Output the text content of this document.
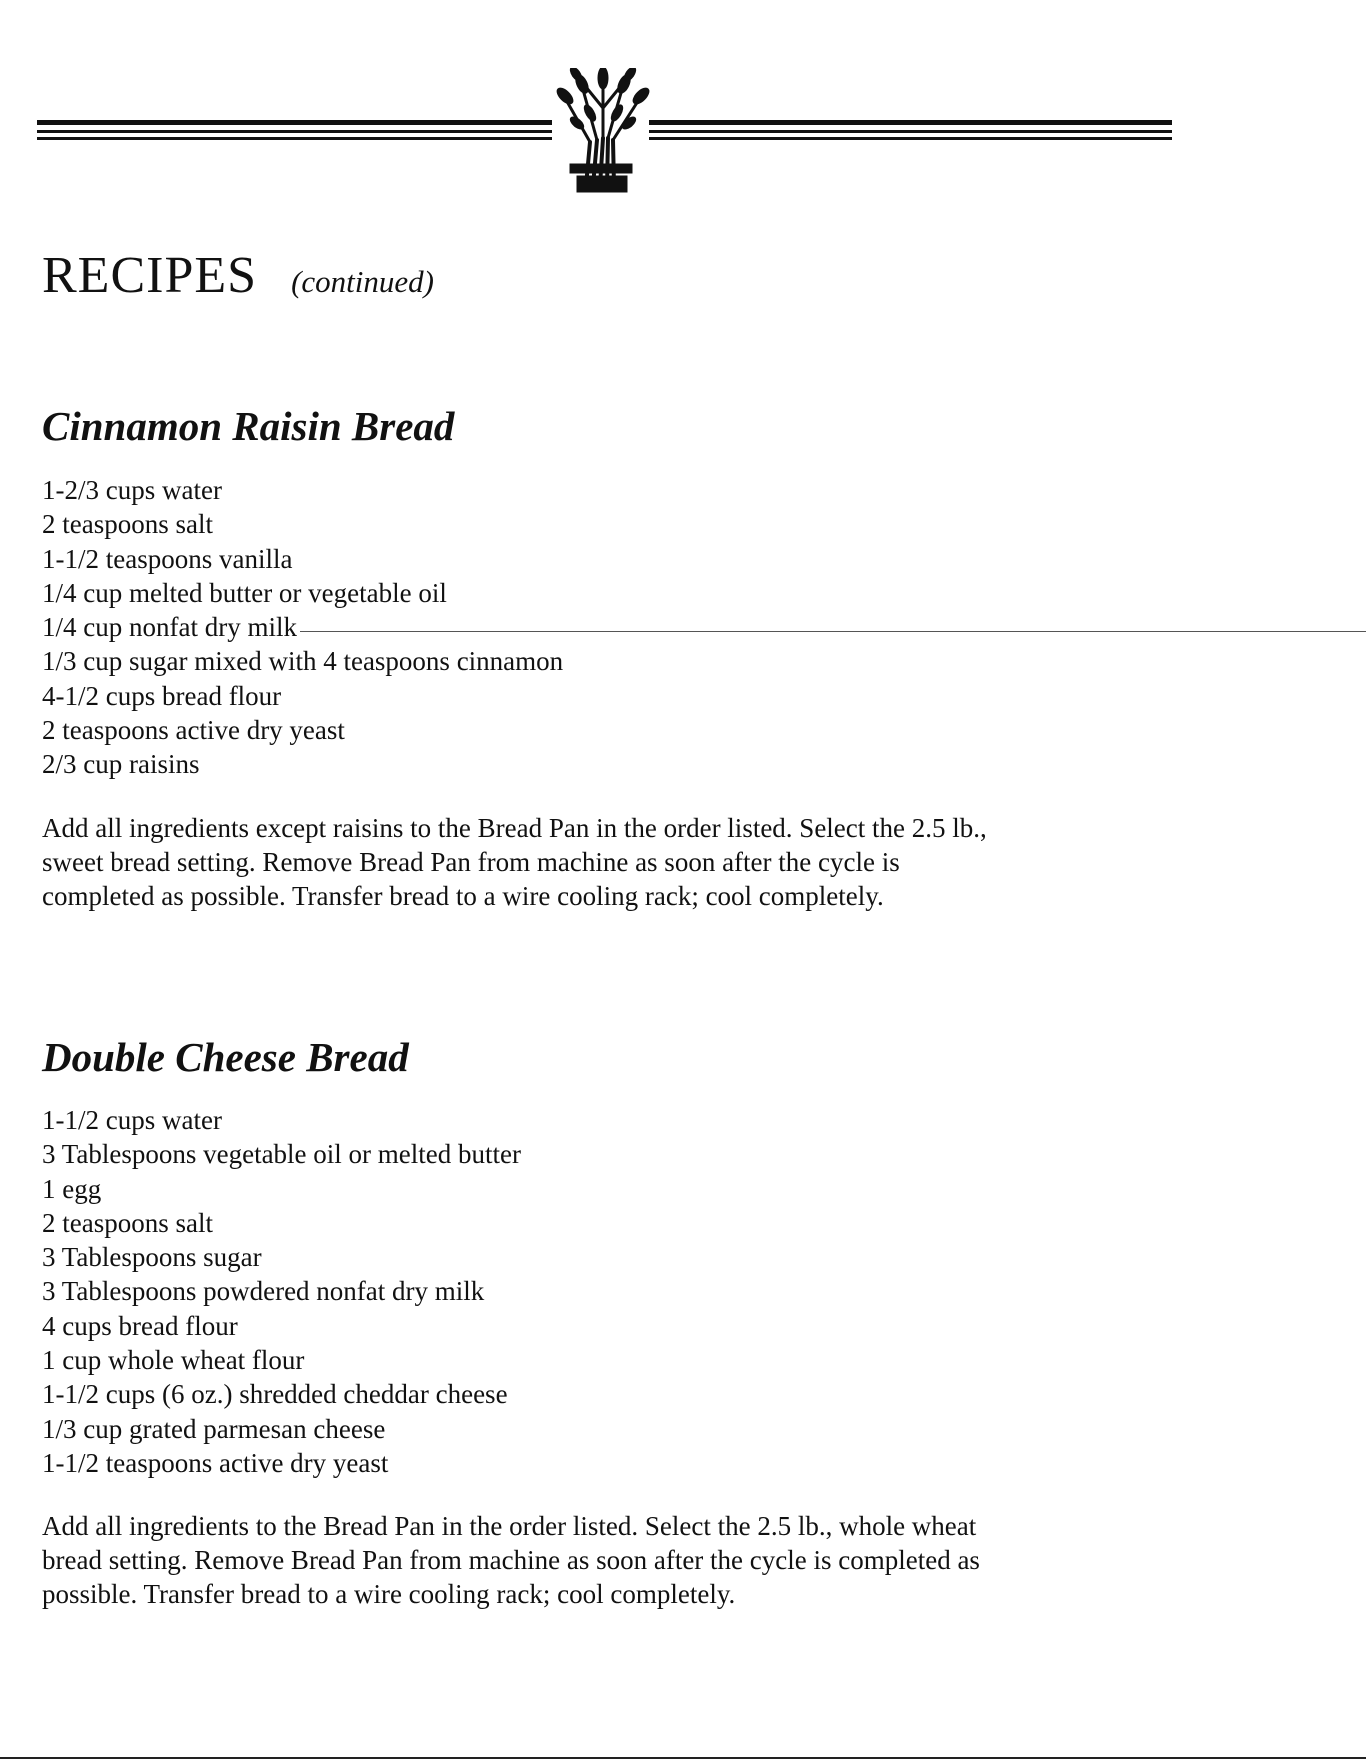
RECIPES (continued)
Cinnamon Raisin Bread
1-2/3 cups water
2 teaspoons salt
1-1/2 teaspoons vanilla
1/4 cup melted butter or vegetable oil
1/4 cup nonfat dry milk
1/3 cup sugar mixed with 4 teaspoons cinnamon
4-1/2 cups bread flour
2 teaspoons active dry yeast
2/3 cup raisins

Add all ingredients except raisins to the Bread Pan in the order listed. Select the 2.5 lb., sweet bread setting. Remove Bread Pan from machine as soon after the cycle is completed as possible. Transfer bread to a wire cooling rack; cool completely.

Double Cheese Bread
1-1/2 cups water
3 Tablespoons vegetable oil or melted butter
1 egg
2 teaspoons salt
3 Tablespoons sugar
3 Tablespoons powdered nonfat dry milk
4 cups bread flour
1 cup whole wheat flour
1-1/2 cups (6 oz.) shredded cheddar cheese
1/3 cup grated parmesan cheese
1-1/2 teaspoons active dry yeast

Add all ingredients to the Bread Pan in the order listed. Select the 2.5 lb., whole wheat bread setting. Remove Bread Pan from machine as soon after the cycle is completed as possible. Transfer bread to a wire cooling rack; cool completely.
